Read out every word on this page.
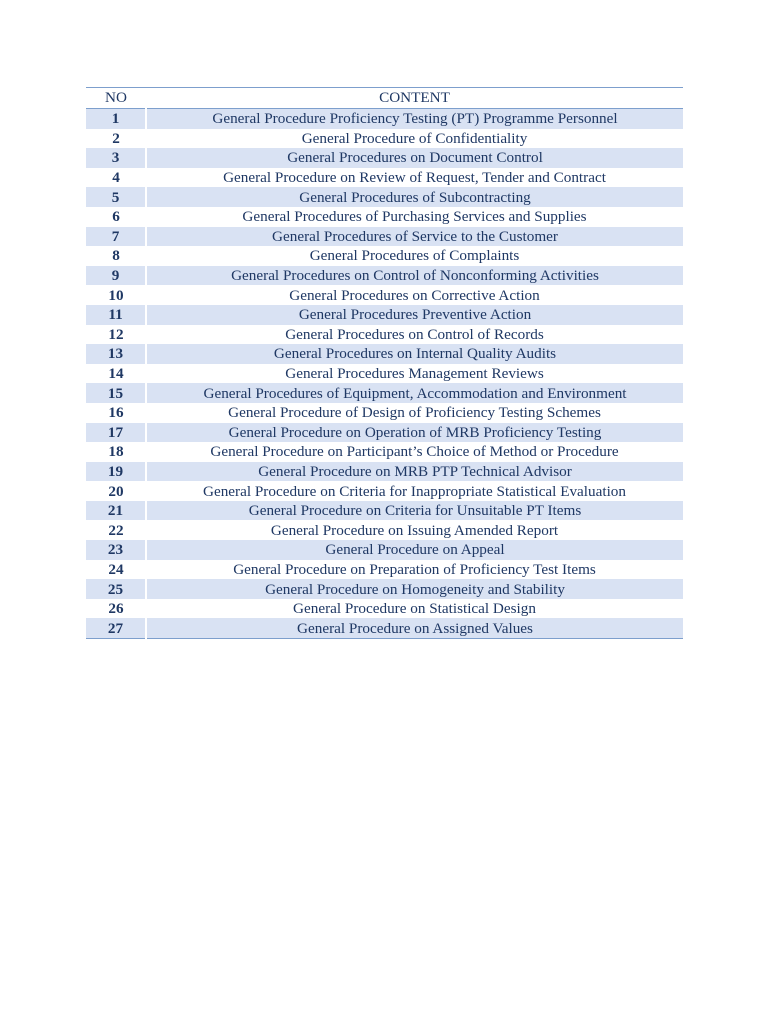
NO	CONTENT
1	General Procedure Proficiency Testing (PT) Programme Personnel
2	General Procedure of Confidentiality
3	General Procedures on Document Control
4	General Procedure on Review of Request, Tender and Contract
5	General Procedures of Subcontracting
6	General Procedures of Purchasing Services and Supplies
7	General Procedures of Service to the Customer
8	General Procedures of Complaints
9	General Procedures on Control of Nonconforming Activities
10	General Procedures on Corrective Action
11	General Procedures Preventive Action
12	General Procedures on Control of Records
13	General Procedures on Internal Quality Audits
14	General Procedures Management Reviews
15	General Procedures of Equipment, Accommodation and Environment
16	General Procedure of Design of Proficiency Testing Schemes
17	General Procedure on Operation of MRB Proficiency Testing
18	General Procedure on Participant’s Choice of Method or Procedure
19	General Procedure on MRB PTP Technical Advisor
20	General Procedure on Criteria for Inappropriate Statistical Evaluation
21	General Procedure on Criteria for Unsuitable PT Items
22	General Procedure on Issuing Amended Report
23	General Procedure on Appeal
24	General Procedure on Preparation of Proficiency Test Items
25	General Procedure on Homogeneity and Stability
26	General Procedure on Statistical Design
27	General Procedure on Assigned Values
